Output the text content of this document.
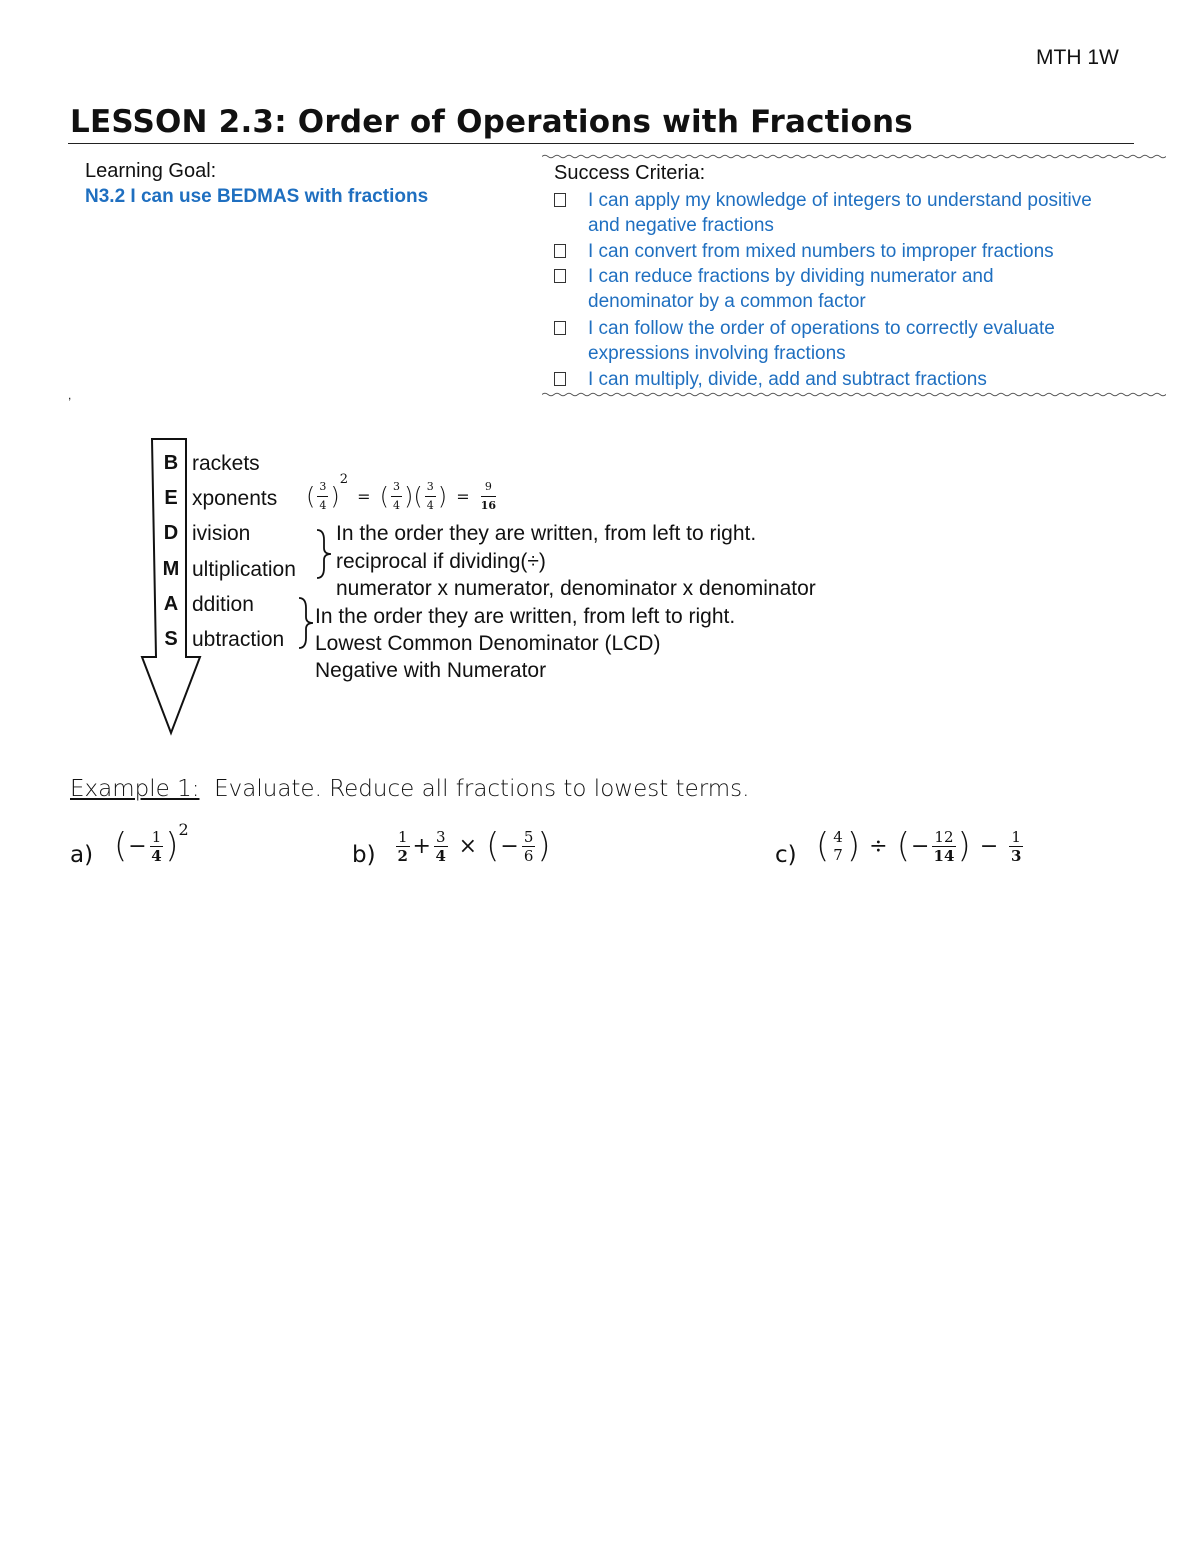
MTH 1W
LESSON 2.3: Order of Operations with Fractions
Learning Goal:
N3.2 I can use BEDMAS with fractions
,
Success Criteria:
I can apply my knowledge of integers to understand positive and negative fractions
I can convert from mixed numbers to improper fractions
I can reduce fractions by dividing numerator and denominator by a common factor
I can follow the order of operations to correctly evaluate expressions involving fractions
I can multiply, divide, add and subtract fractions
B rackets
E xponents
D ivision
M ultiplication
A ddition
S ubtraction
( $\frac{3}{4} )^2$ = ( $\frac{3}{4}$ )( $\frac{3}{4}$ ) = $\frac{9}{16}$
In the order they are written, from left to right.
reciprocal if dividing(÷)
numerator x numerator, denominator x denominator
In the order they are written, from left to right.
Lowest Common Denominator (LCD)
Negative with Numerator
Example 1: Evaluate. Reduce all fractions to lowest terms.
a) (− $\frac{1}{4} )2$
$b) \frac{1}{2} + \frac{3}{4}$ × (− $\frac{5}{6}$ )	c) ( 4
7 ) ÷ (− $\frac{12}{14}$ ) − $\frac{1}{3}$
